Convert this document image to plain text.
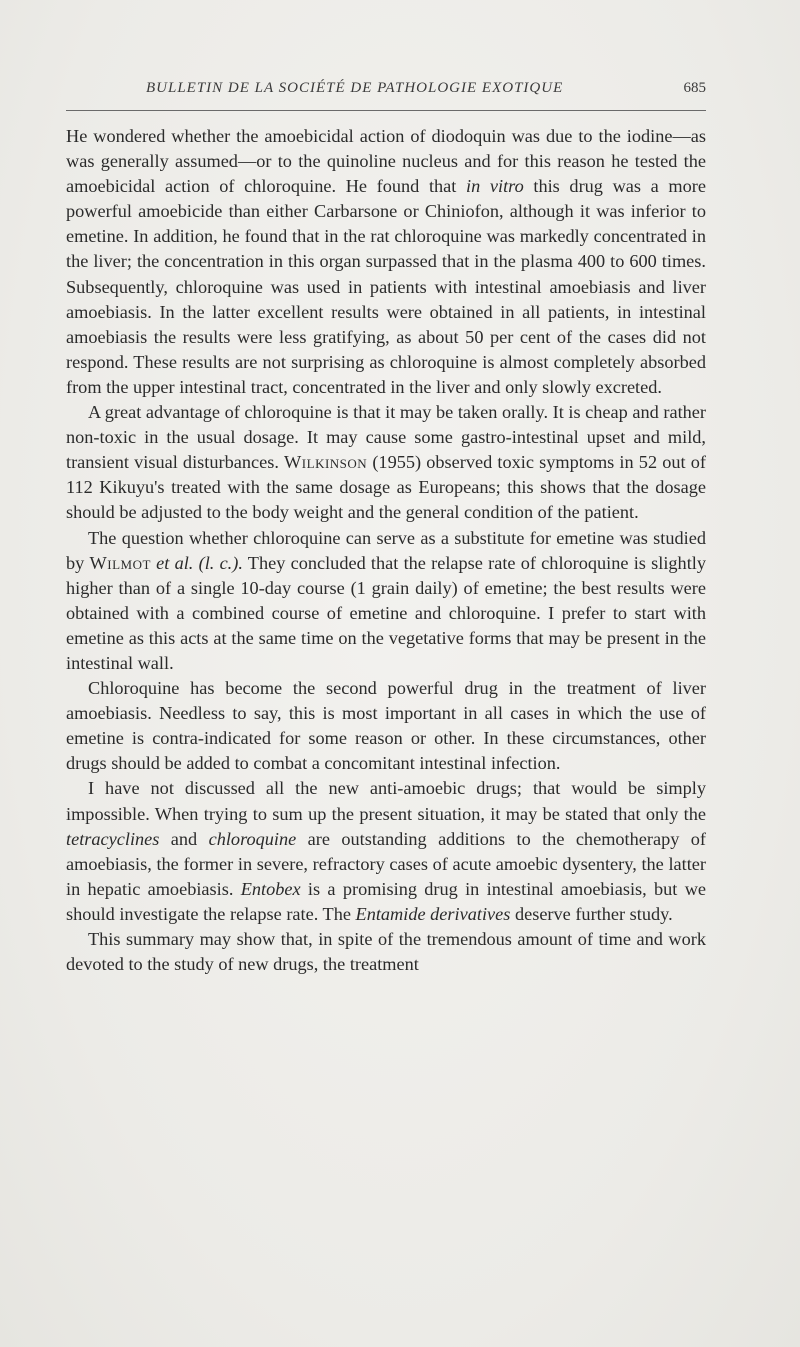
BULLETIN DE LA SOCIÉTÉ DE PATHOLOGIE EXOTIQUE	685

He wondered whether the amoebicidal action of diodoquin was due to the iodine—as was generally assumed—or to the quinoline nucleus and for this reason he tested the amoebicidal action of chloroquine. He found that in vitro this drug was a more powerful amoebicide than either Carbarsone or Chiniofon, although it was inferior to emetine. In addition, he found that in the rat chloroquine was markedly concentrated in the liver; the concentration in this organ surpassed that in the plasma 400 to 600 times. Subsequently, chloroquine was used in patients with intestinal amoebiasis and liver amoebiasis. In the latter excellent results were obtained in all patients, in intestinal amoebiasis the results were less gratifying, as about 50 per cent of the cases did not respond. These results are not surprising as chloroquine is almost completely absorbed from the upper intestinal tract, concentrated in the liver and only slowly excreted.

A great advantage of chloroquine is that it may be taken orally. It is cheap and rather non-toxic in the usual dosage. It may cause some gastro-intestinal upset and mild, transient visual disturbances. Wilkinson (1955) observed toxic symptoms in 52 out of 112 Kikuyu's treated with the same dosage as Europeans; this shows that the dosage should be adjusted to the body weight and the general condition of the patient.

The question whether chloroquine can serve as a substitute for emetine was studied by Wilmot et al. (l. c.). They concluded that the relapse rate of chloroquine is slightly higher than of a single 10-day course (1 grain daily) of emetine; the best results were obtained with a combined course of emetine and chloroquine. I prefer to start with emetine as this acts at the same time on the vegetative forms that may be present in the intestinal wall.

Chloroquine has become the second powerful drug in the treatment of liver amoebiasis. Needless to say, this is most important in all cases in which the use of emetine is contra-indicated for some reason or other. In these circumstances, other drugs should be added to combat a concomitant intestinal infection.

I have not discussed all the new anti-amoebic drugs; that would be simply impossible. When trying to sum up the present situation, it may be stated that only the tetracyclines and chloroquine are outstanding additions to the chemotherapy of amoebiasis, the former in severe, refractory cases of acute amoebic dysentery, the latter in hepatic amoebiasis. Entobex is a promising drug in intestinal amoebiasis, but we should investigate the relapse rate. The Entamide derivatives deserve further study.

This summary may show that, in spite of the tremendous amount of time and work devoted to the study of new drugs, the treatment
